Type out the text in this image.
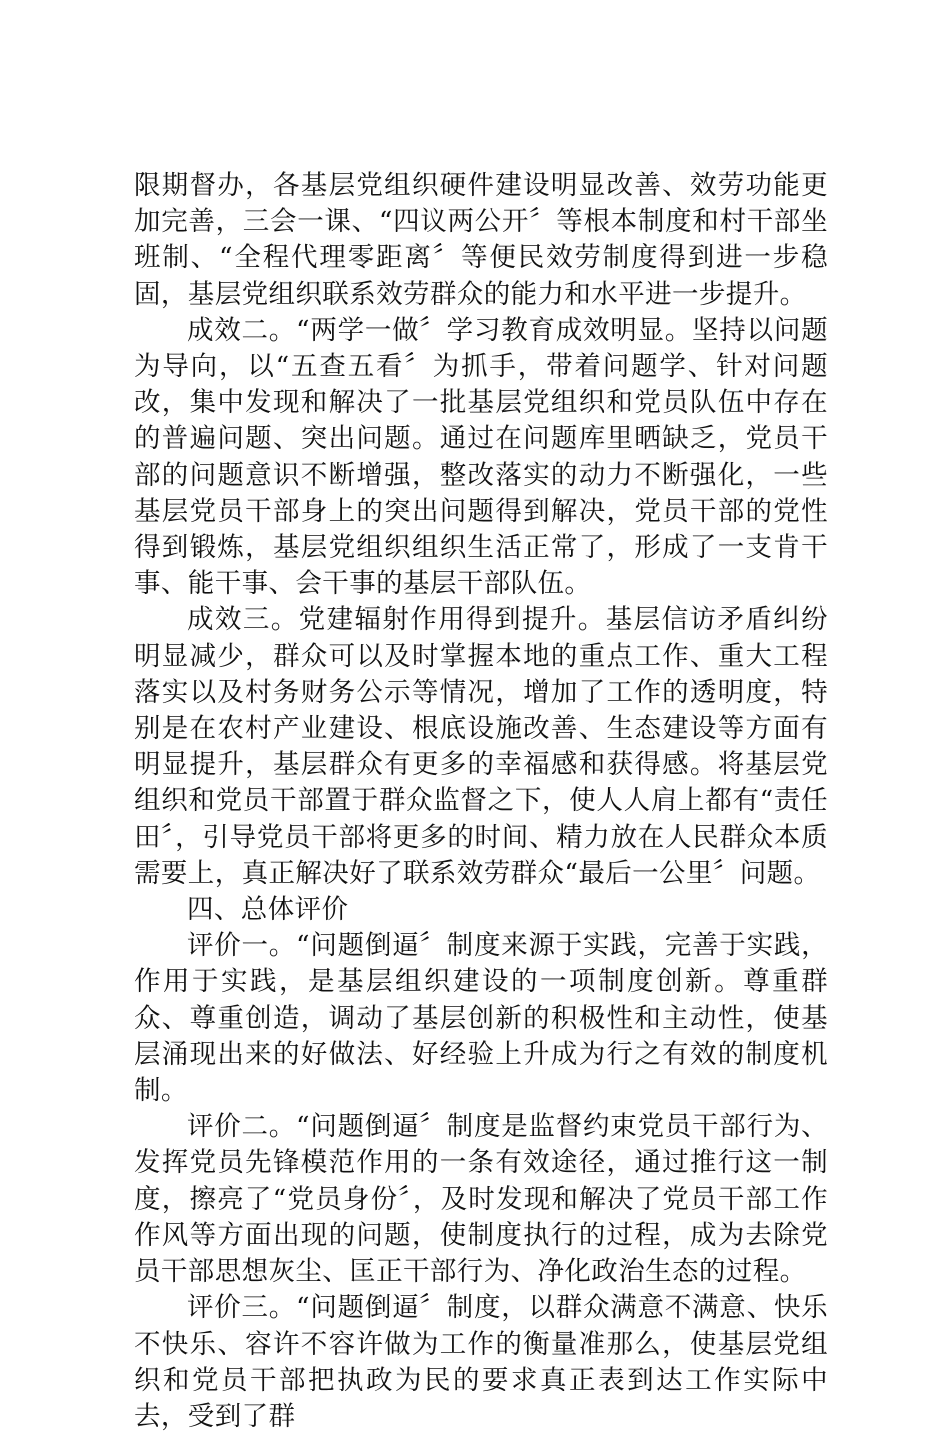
限期督办，各基层党组织硬件建设明显改善、效劳功能更加完善，三会一课、“四议两公开〞等根本制度和村干部坐班制、“全程代理零距离〞等便民效劳制度得到进一步稳固，基层党组织联系效劳群众的能力和水平进一步提升。

成效二。“两学一做〞学习教育成效明显。坚持以问题为导向，以“五查五看〞为抓手，带着问题学、针对问题改，集中发现和解决了一批基层党组织和党员队伍中存在的普遍问题、突出问题。通过在问题库里晒缺乏，党员干部的问题意识不断增强，整改落实的动力不断强化，一些基层党员干部身上的突出问题得到解决，党员干部的党性得到锻炼，基层党组织组织生活正常了，形成了一支肯干事、能干事、会干事的基层干部队伍。

成效三。党建辐射作用得到提升。基层信访矛盾纠纷明显减少，群众可以及时掌握本地的重点工作、重大工程落实以及村务财务公示等情况，增加了工作的透明度，特别是在农村产业建设、根底设施改善、生态建设等方面有明显提升，基层群众有更多的幸福感和获得感。将基层党组织和党员干部置于群众监督之下，使人人肩上都有“责任田〞，引导党员干部将更多的时间、精力放在人民群众本质需要上，真正解决好了联系效劳群众“最后一公里〞问题。

四、总体评价

评价一。“问题倒逼〞制度来源于实践，完善于实践，作用于实践，是基层组织建设的一项制度创新。尊重群众、尊重创造，调动了基层创新的积极性和主动性，使基层涌现出来的好做法、好经验上升成为行之有效的制度机制。

评价二。“问题倒逼〞制度是监督约束党员干部行为、发挥党员先锋模范作用的一条有效途径，通过推行这一制度，擦亮了“党员身份〞，及时发现和解决了党员干部工作作风等方面出现的问题，使制度执行的过程，成为去除党员干部思想灰尘、匡正干部行为、净化政治生态的过程。

评价三。“问题倒逼〞制度，以群众满意不满意、快乐不快乐、容许不容许做为工作的衡量准那么，使基层党组织和党员干部把执政为民的要求真正表到达工作实际中去，受到了群
